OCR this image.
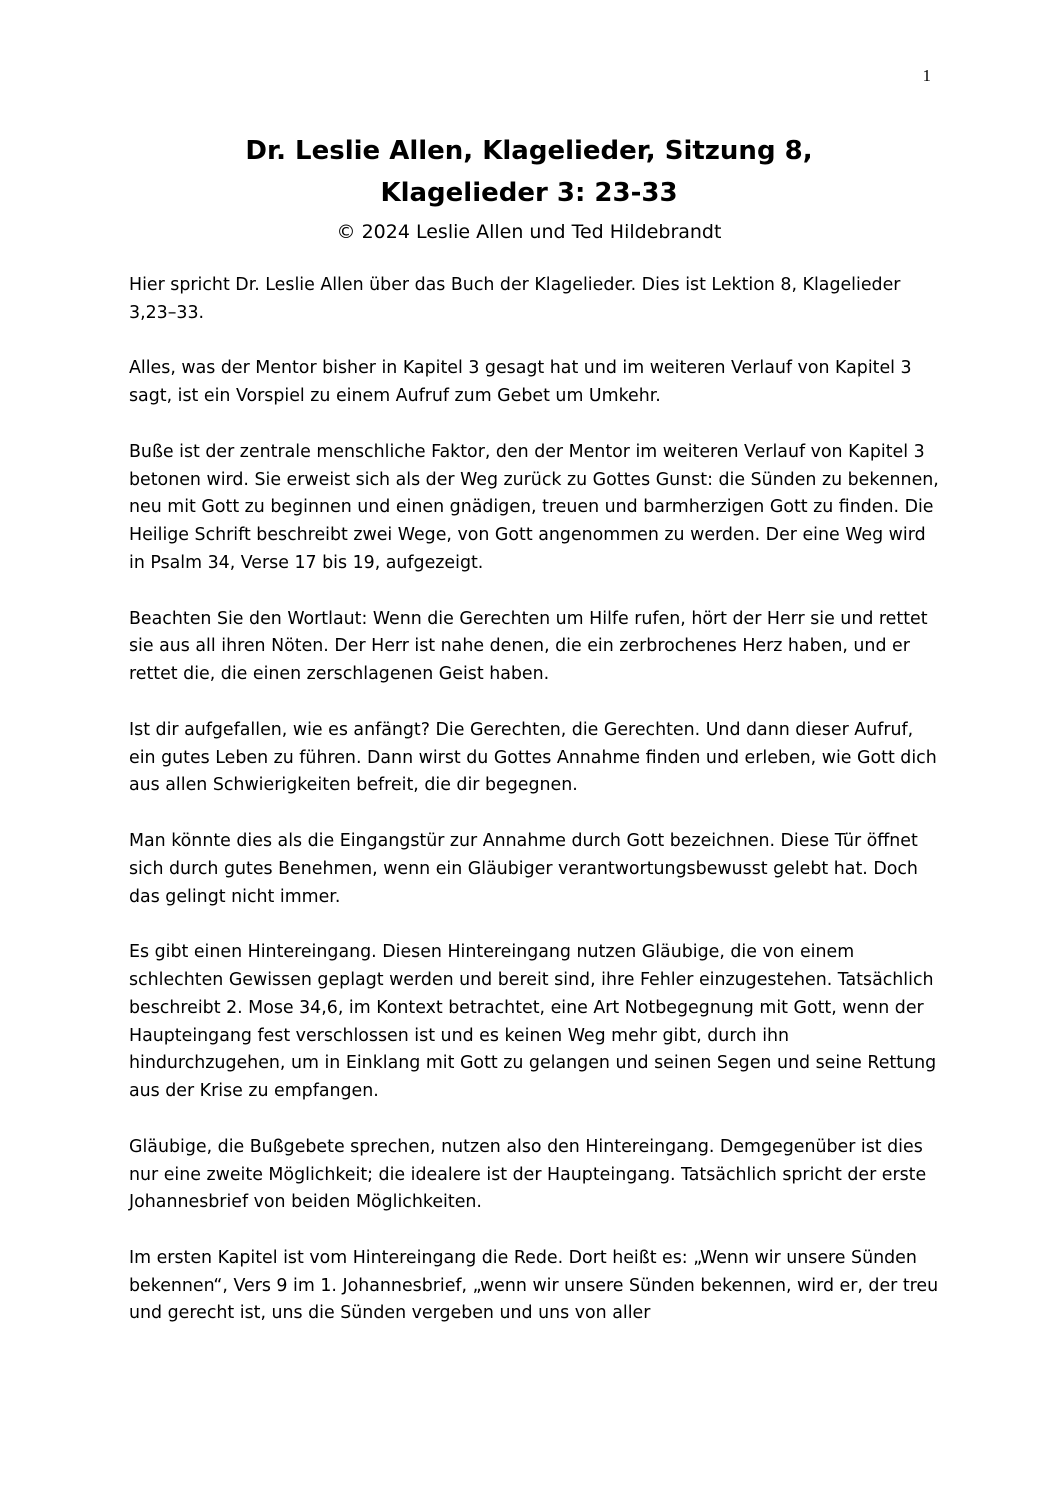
1
Dr. Leslie Allen, Klagelieder, Sitzung 8,
Klagelieder 3: 23-33
© 2024 Leslie Allen und Ted Hildebrandt

Hier spricht Dr. Leslie Allen über das Buch der Klagelieder. Dies ist Lektion 8, Klagelieder 3,23–33.

Alles, was der Mentor bisher in Kapitel 3 gesagt hat und im weiteren Verlauf von Kapitel 3 sagt, ist ein Vorspiel zu einem Aufruf zum Gebet um Umkehr.

Buße ist der zentrale menschliche Faktor, den der Mentor im weiteren Verlauf von Kapitel 3 betonen wird. Sie erweist sich als der Weg zurück zu Gottes Gunst: die Sünden zu bekennen, neu mit Gott zu beginnen und einen gnädigen, treuen und barmherzigen Gott zu finden. Die Heilige Schrift beschreibt zwei Wege, von Gott angenommen zu werden. Der eine Weg wird in Psalm 34, Verse 17 bis 19, aufgezeigt.

Beachten Sie den Wortlaut: Wenn die Gerechten um Hilfe rufen, hört der Herr sie und rettet sie aus all ihren Nöten. Der Herr ist nahe denen, die ein zerbrochenes Herz haben, und er rettet die, die einen zerschlagenen Geist haben.

Ist dir aufgefallen, wie es anfängt? Die Gerechten, die Gerechten. Und dann dieser Aufruf, ein gutes Leben zu führen. Dann wirst du Gottes Annahme finden und erleben, wie Gott dich aus allen Schwierigkeiten befreit, die dir begegnen.

Man könnte dies als die Eingangstür zur Annahme durch Gott bezeichnen. Diese Tür öffnet sich durch gutes Benehmen, wenn ein Gläubiger verantwortungsbewusst gelebt hat. Doch das gelingt nicht immer.

Es gibt einen Hintereingang. Diesen Hintereingang nutzen Gläubige, die von einem schlechten Gewissen geplagt werden und bereit sind, ihre Fehler einzugestehen. Tatsächlich beschreibt 2. Mose 34,6, im Kontext betrachtet, eine Art Notbegegnung mit Gott, wenn der Haupteingang fest verschlossen ist und es keinen Weg mehr gibt, durch ihn hindurchzugehen, um in Einklang mit Gott zu gelangen und seinen Segen und seine Rettung aus der Krise zu empfangen.

Gläubige, die Bußgebete sprechen, nutzen also den Hintereingang. Demgegenüber ist dies nur eine zweite Möglichkeit; die idealere ist der Haupteingang. Tatsächlich spricht der erste Johannesbrief von beiden Möglichkeiten.

Im ersten Kapitel ist vom Hintereingang die Rede. Dort heißt es: „Wenn wir unsere Sünden bekennen“, Vers 9 im 1. Johannesbrief, „wenn wir unsere Sünden bekennen, wird er, der treu und gerecht ist, uns die Sünden vergeben und uns von aller
